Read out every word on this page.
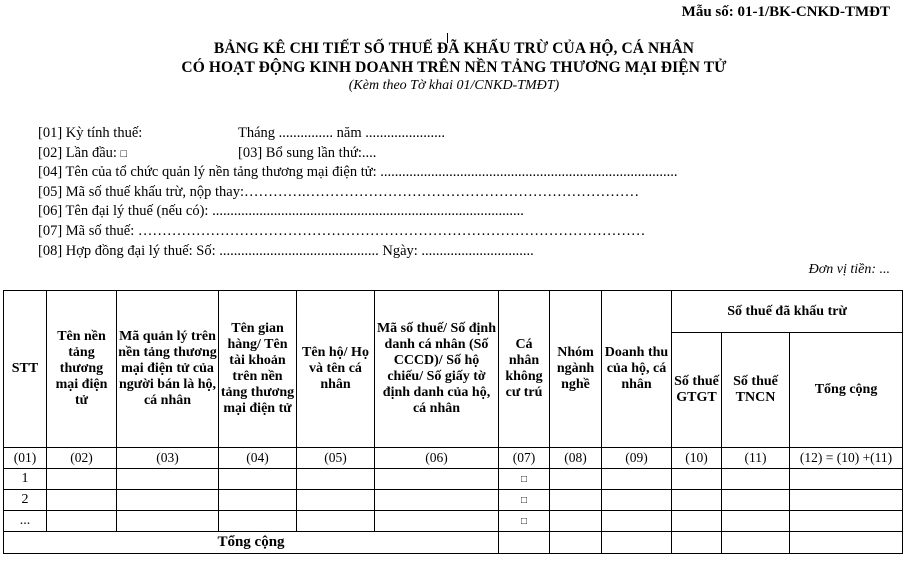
Mẫu số: 01-1/BK-CNKD-TMĐT
BẢNG KÊ CHI TIẾT SỐ THUẾ ĐÃ KHẤU TRỪ CỦA HỘ, CÁ NHÂN
CÓ HOẠT ĐỘNG KINH DOANH TRÊN NỀN TẢNG THƯƠNG MẠI ĐIỆN TỬ
(Kèm theo Tờ khai 01/CNKD-TMĐT)
[01] Kỳ tính thuế:	Tháng ............... năm ......................
[02] Lần đầu: □	[03] Bổ sung lần thứ:....
[04] Tên của tổ chức quản lý nền tảng thương mại điện tử: ..................................................................................
[05] Mã số thuế khấu trừ, nộp thay:………….……………………………………………………………
[06] Tên đại lý thuế (nếu có): ......................................................................................
[07] Mã số thuế: ……………………………………………………………………………………………
[08] Hợp đồng đại lý thuế: Số: ............................................ Ngày: ...............................
Đơn vị tiền: ...
STT	Tên nền tảng thương mại điện tử	Mã quản lý trên nền tảng thương mại điện tử của người bán là hộ, cá nhân	Tên gian hàng/ Tên tài khoản trên nền tảng thương mại điện tử	Tên hộ/ Họ và tên cá nhân	Mã số thuế/ Số định danh cá nhân (Số CCCD)/ Số hộ chiếu/ Số giấy tờ định danh của hộ, cá nhân	Cá nhân không cư trú	Nhóm ngành nghề	Doanh thu của hộ, cá nhân	Số thuế đã khấu trừ		
									Số thuế GTGT	Số thuế TNCN	Tổng cộng
(01)	(02)	(03)	(04)	(05)	(06)	(07)	(08)	(09)	(10)	(11)	(12) = (10) +(11)
1						□					
2						□					
...						□					
Tổng cộng											
